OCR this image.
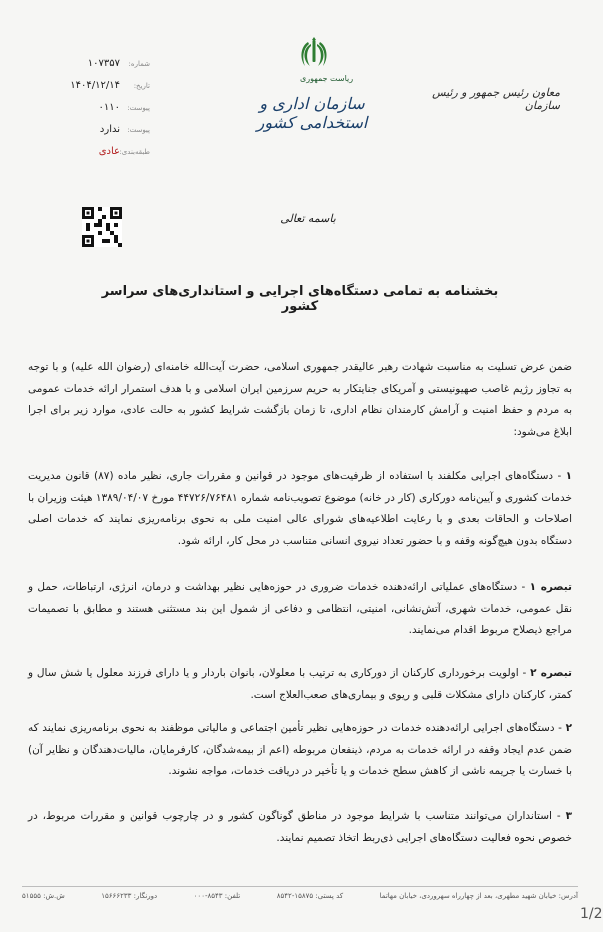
۱۰۷۳۵۷	شماره:
۱۴۰۴/۱۲/۱۴	تاریخ:
۰۱۱۰	پیوست:
ندارد	پیوست:
عادی طبقه‌بندی:
ریاست جمهوری
سازمان اداری و استخدامی کشور
معاون رئیس جمهور و رئیس سازمان
باسمه تعالی
بخشنامه به تمامی دستگاه‌های اجرایی و استانداری‌های سراسر کشور

ضمن عرض تسلیت به مناسبت شهادت رهبر عالیقدر جمهوری اسلامی، حضرت آیت‌الله خامنه‌ای (رضوان الله علیه) و با توجه به تجاوز رژیم غاصب صهیونیستی و آمریکای جنایتکار به حریم سرزمین ایران اسلامی و با هدف استمرار ارائه خدمات عمومی به مردم و حفظ امنیت و آرامش کارمندان نظام اداری، تا زمان بازگشت شرایط کشور به حالت عادی، موارد زیر برای اجرا ابلاغ می‌شود:

۱ - دستگاه‌های اجرایی مکلفند با استفاده از ظرفیت‌های موجود در قوانین و مقررات جاری، نظیر ماده (۸۷) قانون مدیریت خدمات کشوری و آیین‌نامه دورکاری (کار در خانه) موضوع تصویب‌نامه شماره ۴۴۷۲۶/۷۶۴۸۱ مورخ ۱۳۸۹/۰۴/۰۷ هیئت وزیران با اصلاحات و الحاقات بعدی و با رعایت اطلاعیه‌های شورای عالی امنیت ملی به نحوی برنامه‌ریزی نمایند که خدمات اصلی دستگاه بدون هیچ‌گونه وقفه و با حضور تعداد نیروی انسانی متناسب در محل کار، ارائه شود.

تبصره ۱ - دستگاه‌های عملیاتی ارائه‌دهنده خدمات ضروری در حوزه‌هایی نظیر بهداشت و درمان، انرژی، ارتباطات، حمل و نقل عمومی، خدمات شهری، آتش‌نشانی، امنیتی، انتظامی و دفاعی از شمول این بند مستثنی هستند و مطابق با تصمیمات مراجع ذیصلاح مربوط اقدام می‌نمایند.

تبصره ۲ - اولویت برخورداری کارکنان از دورکاری به ترتیب با معلولان، بانوان باردار و یا دارای فرزند معلول یا شش سال و کمتر، کارکنان دارای مشکلات قلبی و ریوی و بیماری‌های صعب‌العلاج است.

۲ - دستگاه‌های اجرایی ارائه‌دهنده خدمات در حوزه‌هایی نظیر تأمین اجتماعی و مالیاتی موظفند به نحوی برنامه‌ریزی نمایند که ضمن عدم ایجاد وقفه در ارائه خدمات به مردم، ذینفعان مربوطه (اعم از بیمه‌شدگان، کارفرمایان، مالیات‌دهندگان و نظایر آن) با خسارت یا جریمه ناشی از کاهش سطح خدمات و یا تأخیر در دریافت خدمات، مواجه نشوند.

۳ - استانداران می‌توانند متناسب با شرایط موجود در مناطق گوناگون کشور و در چارچوب قوانین و مقررات مربوط، در خصوص نحوه فعالیت دستگاه‌های اجرایی ذی‌ربط اتخاذ تصمیم نمایند.

آدرس: خیابان شهید مطهری، بعد از چهارراه سهروردی، خیابان مهاتما
کد پستی: ۱۵۸۷۵-۸۵۴۲
تلفن: ۸۵۴۳-۰۰۰
دورنگار: ۱۵۶۶۶۲۳۳
ش.ش: ۵۱۵۵۵
1/2
